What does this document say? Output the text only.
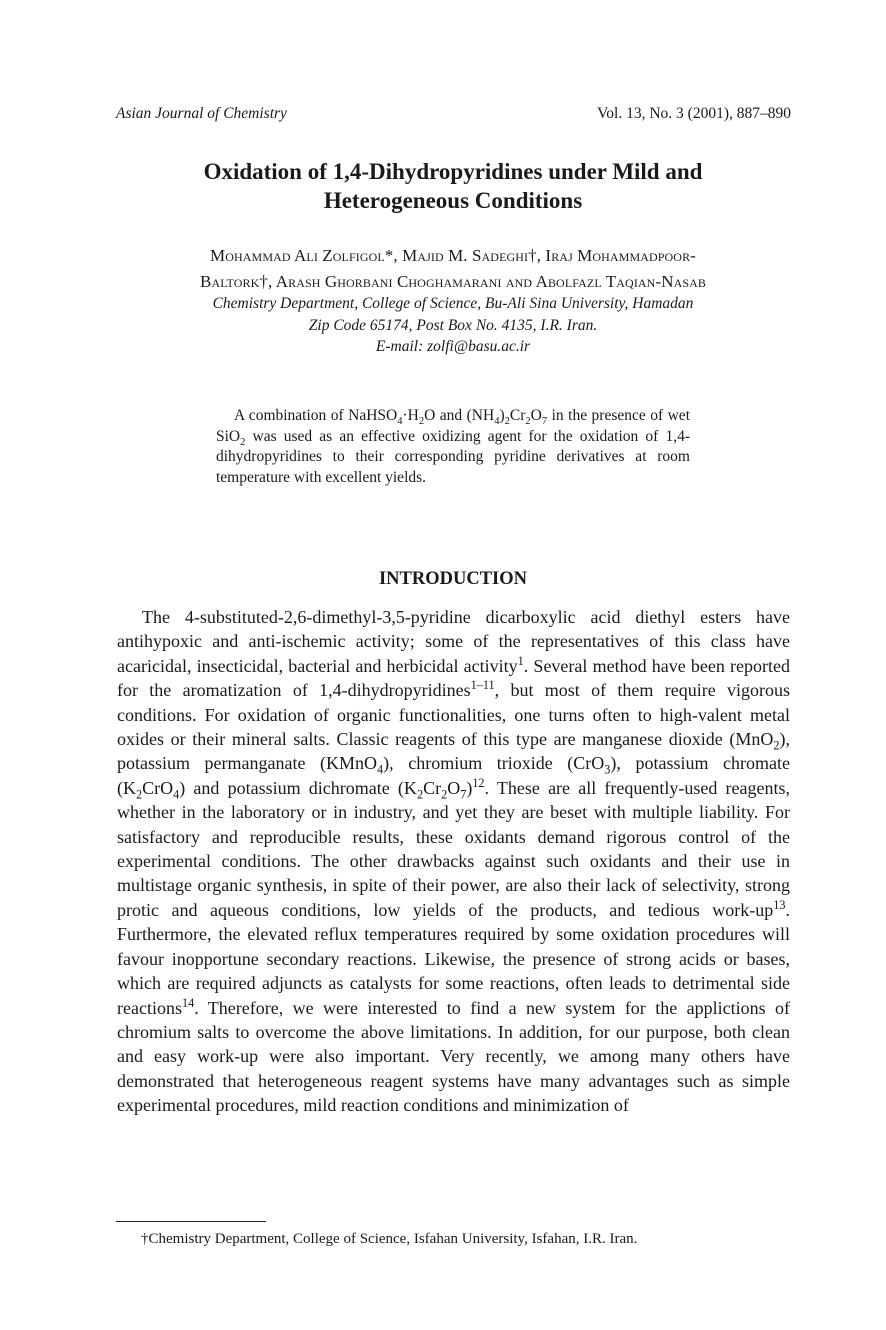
Asian Journal of Chemistry	Vol. 13, No. 3 (2001), 887–890
Oxidation of 1,4-Dihydropyridines under Mild and
Heterogeneous Conditions
Mohammad Ali Zolfigol*, Majid M. Sadeghi†, Iraj Mohammadpoor-
Baltork†, Arash Ghorbani Choghamarani and Abolfazl Taqian-Nasab
Chemistry Department, College of Science, Bu-Ali Sina University, Hamadan
Zip Code 65174, Post Box No. 4135, I.R. Iran.
E-mail: zolfi@basu.ac.ir
A combination of $NaHSO_4\cdot H_2O$ and $(NH_4)_2Cr_2O_7$ in the presence of wet SiO$_2$ was used as an effective oxidizing agent for the oxidation of 1,4-dihydropyridines to their corresponding pyridine derivatives at room temperature with excellent yields.
INTRODUCTION
The 4-substituted-2,6-dimethyl-3,5-pyridine dicarboxylic acid diethyl esters have antihypoxic and anti-ischemic activity; some of the representatives of this class have acaricidal, insecticidal, bacterial and herbicidal activity$^1$. Several method have been reported for the aromatization of 1,4-dihydropyridines$^{1-11}$, but most of them require vigorous conditions. For oxidation of organic functionalities, one turns often to high-valent metal oxides or their mineral salts. Classic reagents of this type are manganese dioxide (MnO$_2$), potassium permanganate (KMnO$_4$), chromium trioxide (CrO$_3$), potassium chromate $(K_2CrO_4)$ and potassium dichromate $(K_2Cr_2O_7)^{12}$. These are all frequently-used reagents, whether in the laboratory or in industry, and yet they are beset with multiple liability. For satisfactory and reproducible results, these oxidants demand rigorous control of the experimental conditions. The other drawbacks against such oxidants and their use in multistage organic synthesis, in spite of their power, are also their lack of selectivity, strong protic and aqueous conditions, low yields of the products, and tedious work-$up^{13}$. Furthermore, the elevated reflux temperatures required by some oxidation procedures will favour inopportune secondary reactions. Likewise, the presence of strong acids or bases, which are required adjuncts as catalysts for some reactions, often leads to detrimental side reactions$^{14}$. Therefore, we were interested to find a new system for the applictions of chromium salts to overcome the above limitations. In addition, for our purpose, both clean and easy work-up were also important. Very recently, we among many others have demonstrated that heterogeneous reagent systems have many advantages such as simple experimental procedures, mild reaction conditions and minimization of
†Chemistry Department, College of Science, Isfahan University, Isfahan, I.R. Iran.
